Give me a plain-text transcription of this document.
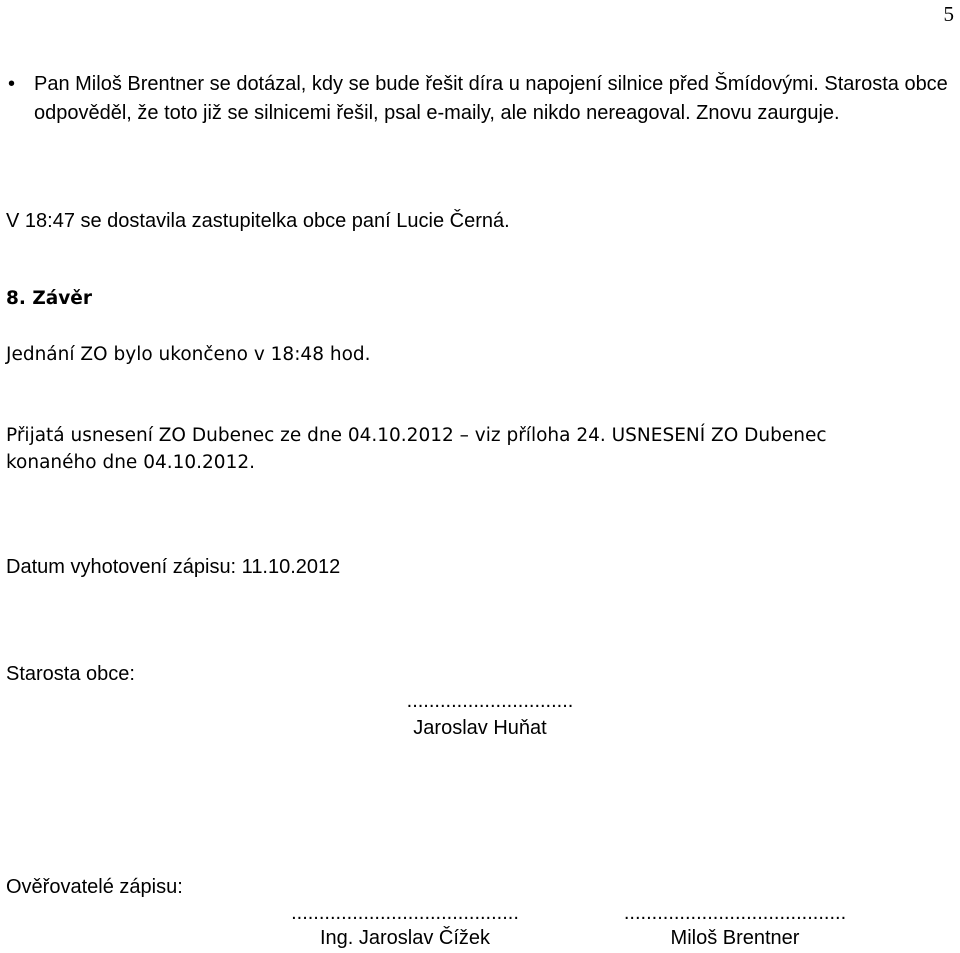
5
• Pan Miloš Brentner se dotázal, kdy se bude řešit díra u napojení silnice před Šmídovými. Starosta obce odpověděl, že toto již se silnicemi řešil, psal e-maily, ale nikdo nereagoval. Znovu zaurguje.
V 18:47 se dostavila zastupitelka obce paní Lucie Černá.
8. Závěr
Jednání ZO bylo ukončeno v 18:48 hod.
Přijatá usnesení ZO Dubenec ze dne 04.10.2012 – viz příloha 24. USNESENÍ ZO Dubenec
konaného dne 04.10.2012.
Datum vyhotovení zápisu: 11.10.2012
Starosta obce:
..............................
Jaroslav Huňat
Ověřovatelé zápisu:
.........................................
Ing. Jaroslav Čížek
........................................
Miloš Brentner
